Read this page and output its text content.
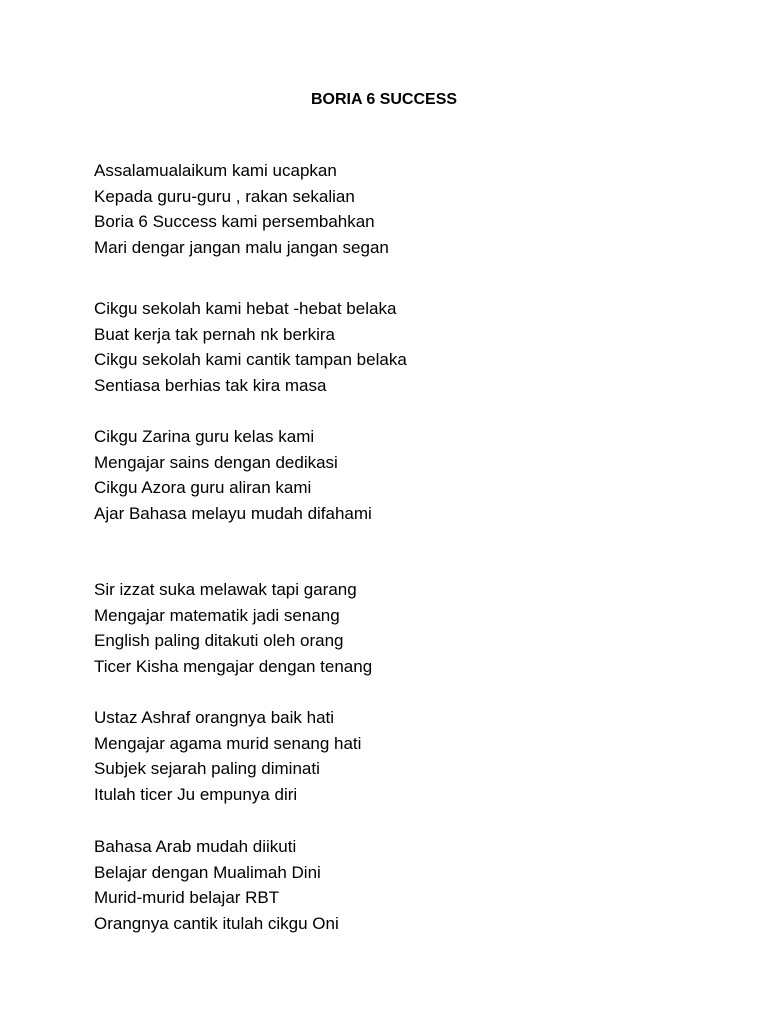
BORIA 6 SUCCESS
Assalamualaikum kami ucapkan
Kepada guru-guru , rakan sekalian
Boria 6 Success kami persembahkan
Mari dengar jangan malu jangan segan
Cikgu sekolah kami hebat -hebat belaka
Buat kerja tak pernah nk berkira
Cikgu sekolah kami cantik tampan belaka
Sentiasa berhias tak kira masa
Cikgu Zarina guru kelas kami
Mengajar sains dengan dedikasi
Cikgu Azora guru aliran kami
Ajar Bahasa melayu mudah difahami
Sir izzat suka melawak tapi garang
Mengajar matematik jadi senang
English paling ditakuti oleh orang
Ticer Kisha mengajar dengan tenang
Ustaz Ashraf orangnya baik hati
Mengajar agama murid senang hati
Subjek sejarah paling diminati
Itulah ticer Ju empunya diri
Bahasa Arab mudah diikuti
Belajar dengan Mualimah Dini
Murid-murid belajar RBT
Orangnya cantik itulah cikgu Oni
